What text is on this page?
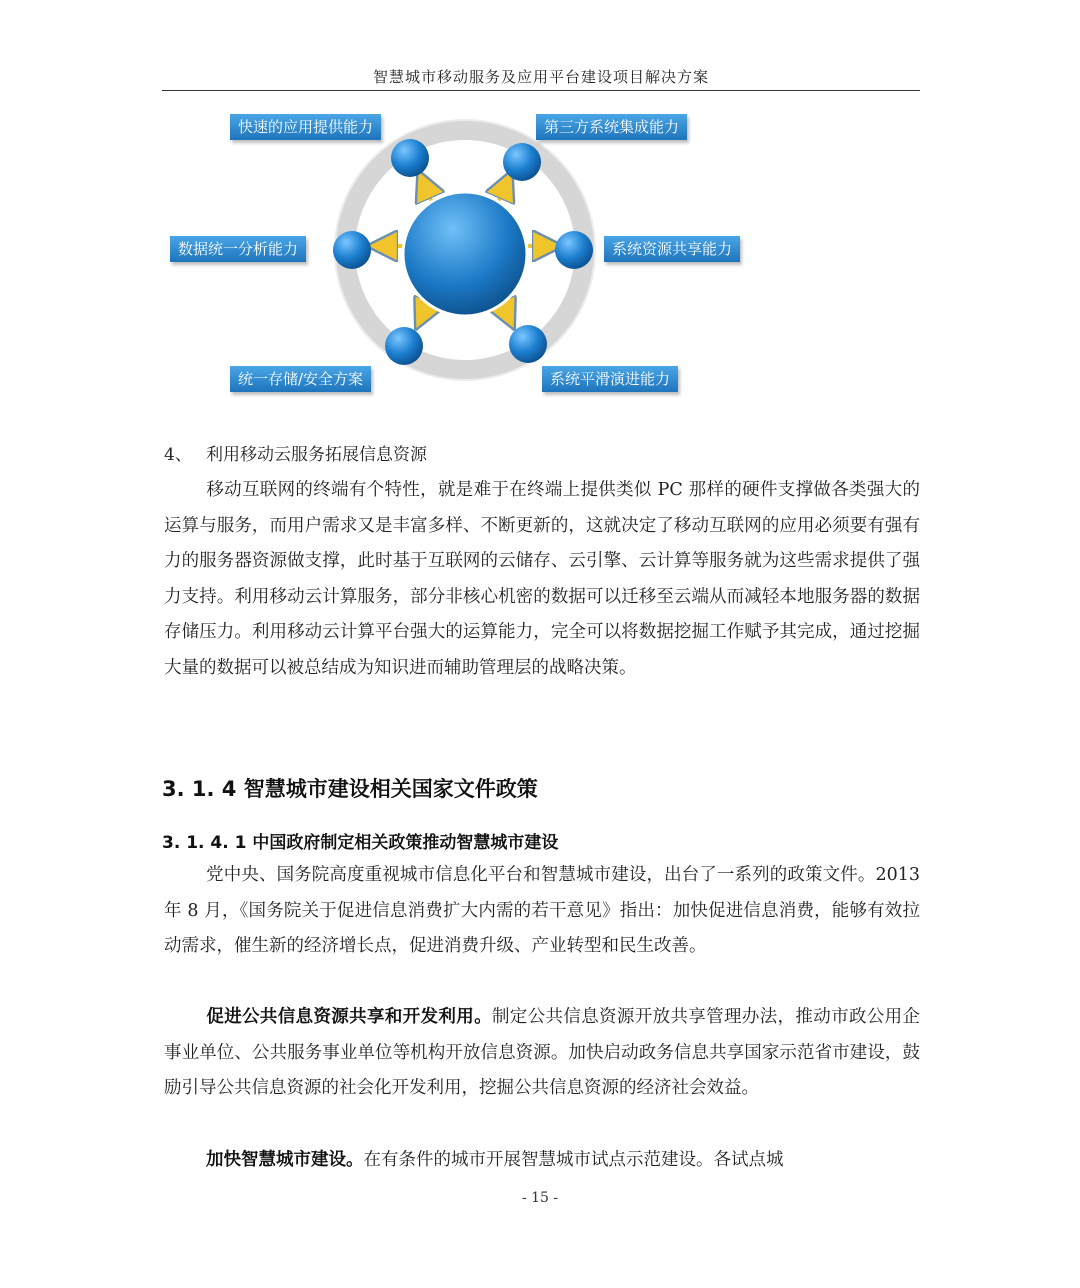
智慧城市移动服务及应用平台建设项目解决方案
智慧城市
移动平台
快速的应用提供能力	第三方系统集成能力
数据统一分析能力	系统资源共享能力
统一存储/安全方案	系统平滑演进能力
4、 利用移动云服务拓展信息资源
移动互联网的终端有个特性，就是难于在终端上提供类似 PC 那样的硬件支撑做各类强大的运算与服务，而用户需求又是丰富多样、不断更新的，这就决定了移动互联网的应用必须要有强有力的服务器资源做支撑，此时基于互联网的云储存、云引擎、云计算等服务就为这些需求提供了强力支持。利用移动云计算服务，部分非核心机密的数据可以迁移至云端从而减轻本地服务器的数据存储压力。利用移动云计算平台强大的运算能力，完全可以将数据挖掘工作赋予其完成，通过挖掘大量的数据可以被总结成为知识进而辅助管理层的战略决策。
3. 1. 4 智慧城市建设相关国家文件政策
3. 1. 4. 1 中国政府制定相关政策推动智慧城市建设
党中央、国务院高度重视城市信息化平台和智慧城市建设，出台了一系列的政策文件。2013 年 8 月，《国务院关于促进信息消费扩大内需的若干意见》指出：加快促进信息消费，能够有效拉动需求，催生新的经济增长点，促进消费升级、产业转型和民生改善。
促进公共信息资源共享和开发利用。制定公共信息资源开放共享管理办法，推动市政公用企事业单位、公共服务事业单位等机构开放信息资源。加快启动政务信息共享国家示范省市建设，鼓励引导公共信息资源的社会化开发利用，挖掘公共信息资源的经济社会效益。
加快智慧城市建设。在有条件的城市开展智慧城市试点示范建设。各试点城
- 15 -
